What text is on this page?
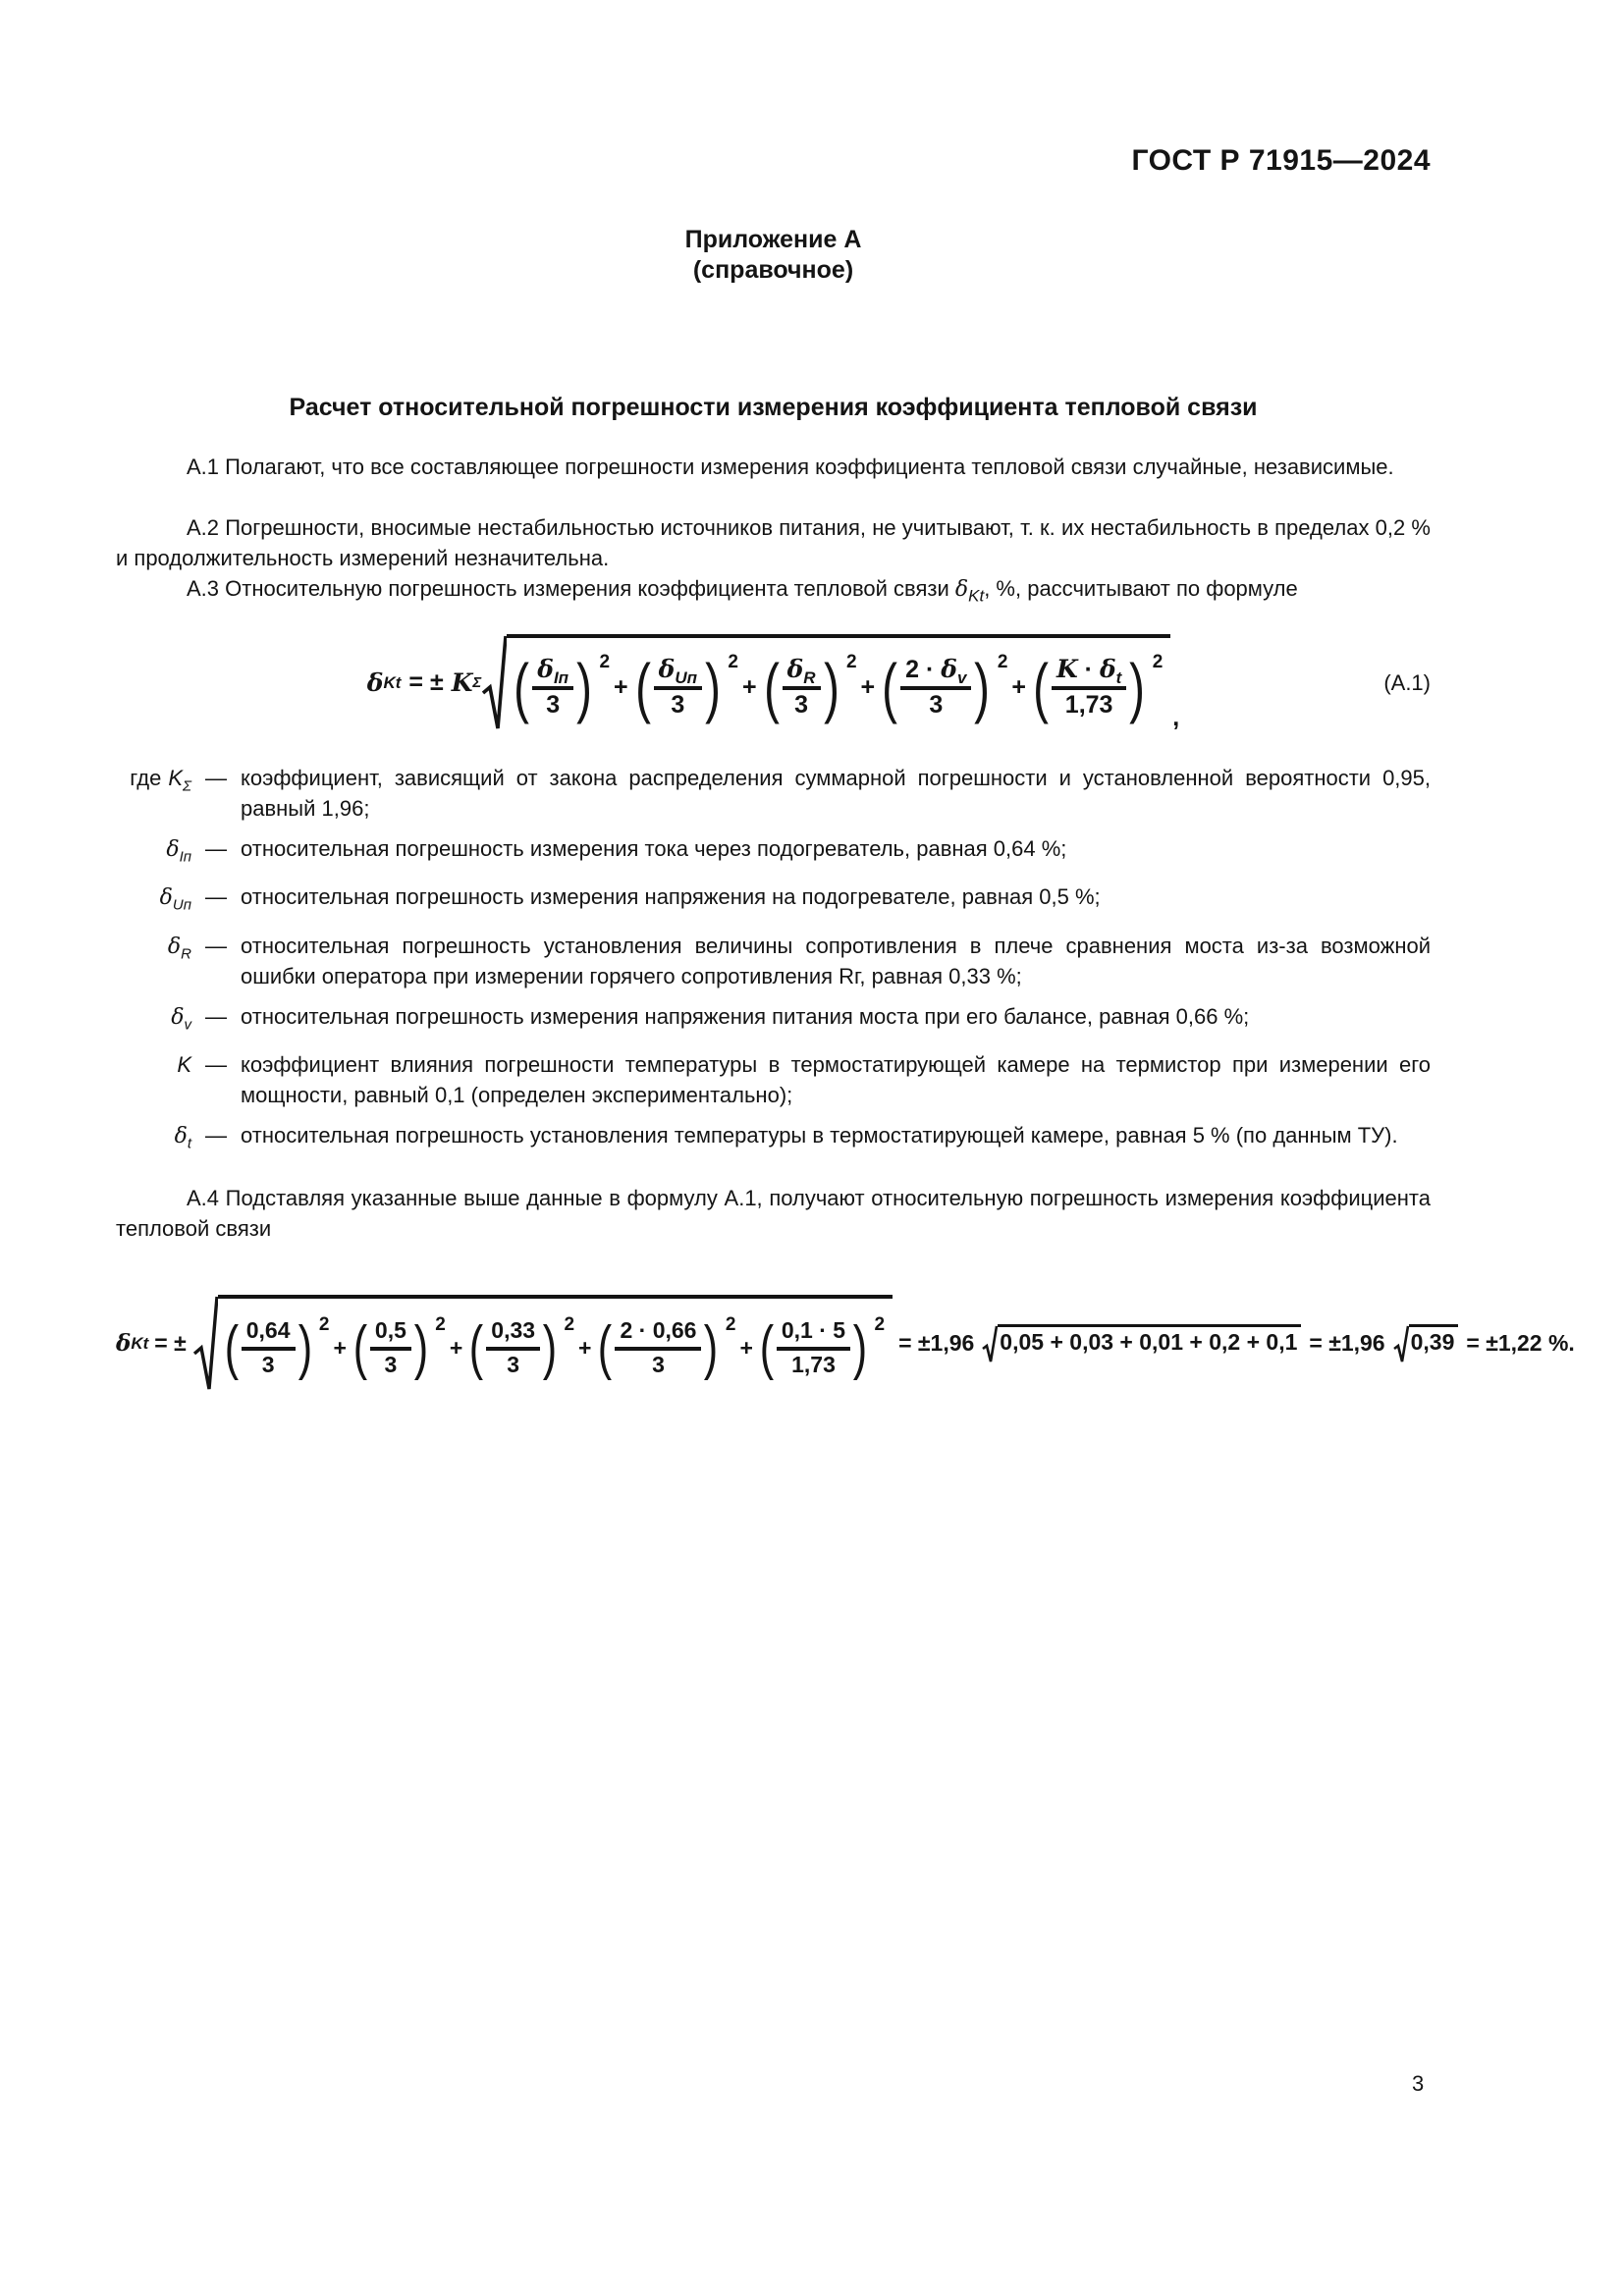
ГОСТ Р 71915—2024
Приложение А
(справочное)
Расчет относительной погрешности измерения коэффициента тепловой связи

А.1 Полагают, что все составляющее погрешности измерения коэффициента тепловой связи случайные, независимые.

А.2 Погрешности, вносимые нестабильностью источников питания, не учитывают, т. к. их нестабильность в пределах 0,2 % и продолжительность измерений незначительна.

А.3 Относительную погрешность измерения коэффициента тепловой связи $\delta_{Kt}$, %, рассчитывают по формуле

δ Kt = ± K Σ ( $\frac{\delta_{Iп}}{3}$ ) 2
+ ( $\frac{\delta_{Uп}}{3}$ ) 2
+ ( $\frac{\delta_R}{3}$ ) 2
+ ( $\frac{2 \cdot \delta_v}{3}$ ) 2
+ ( $\frac{K \cdot \delta_t}{1,73}$ ) 2
,
(А.1)
где $K_\Sigma$ — коэффициент, зависящий от закона распределения суммарной погрешности и установленной вероятности 0,95, равный 1,96;
$\delta_{Iп}$ — относительная погрешность измерения тока через подогреватель, равная 0,64 %;
$\delta_{Uп}$ — относительная погрешность измерения напряжения на подогревателе, равная 0,5 %;
$\delta_R$ — относительная погрешность установления величины сопротивления в плече сравнения моста из-за возможной ошибки оператора при измерении горячего сопротивления Rг, равная 0,33 %;
$\delta_v$ — относительная погрешность измерения напряжения питания моста при его балансе, равная 0,66 %;
K — коэффициент влияния погрешности температуры в термостатирующей камере на термистор при измерении его мощности, равный 0,1 (определен экспериментально);
$\delta_t$ — относительная погрешность установления температуры в термостатирующей камере, равная 5 % (по данным ТУ).

А.4 Подставляя указанные выше данные в формулу А.1, получают относительную погрешность измерения коэффициента тепловой связи

δ Kt = ± ( $\frac{0,64}{3}$ ) 2
+ ( $\frac{0,5}{3}$ ) 2
+ ( $\frac{0,33}{3}$ ) 2
+ ( $\frac{2 \cdot 0,66}{3}$ ) 2
+ ( $\frac{0,1 \cdot 5}{1,73}$ ) 2
= ±1,96 0,05 + 0,03 + 0,01 + 0,2 + 0,1 = ±1,96 0,39 = ±1,22 %.
3
